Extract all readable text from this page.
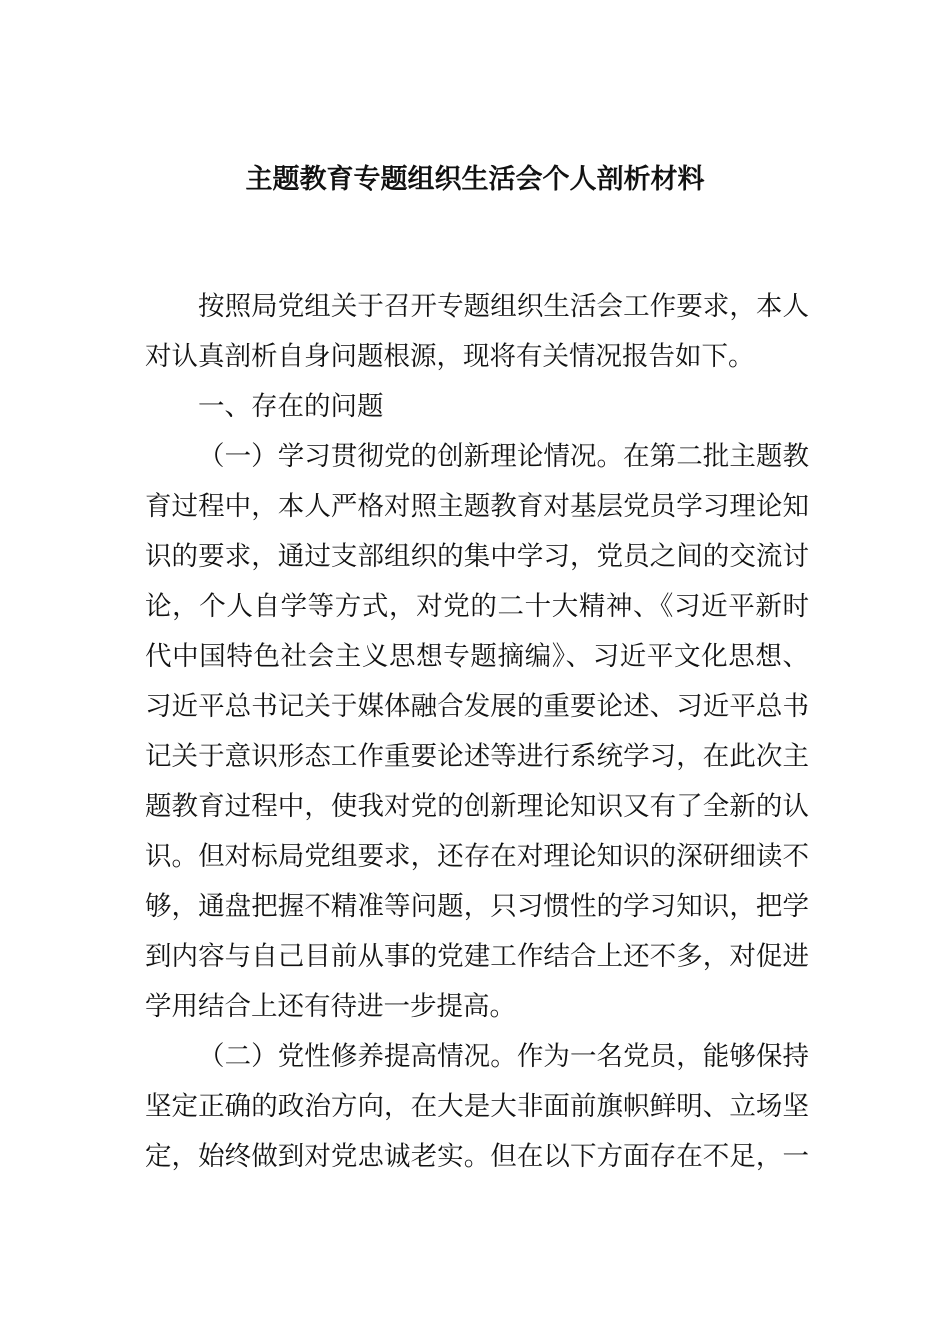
主题教育专题组织生活会个人剖析材料
按照局党组关于召开专题组织生活会工作要求，本人
对认真剖析自身问题根源，现将有关情况报告如下。
一、存在的问题
（一）学习贯彻党的创新理论情况。在第二批主题教
育过程中，本人严格对照主题教育对基层党员学习理论知
识的要求，通过支部组织的集中学习，党员之间的交流讨
论，个人自学等方式，对党的二十大精神、《习近平新时
代中国特色社会主义思想专题摘编》、习近平文化思想、
习近平总书记关于媒体融合发展的重要论述、习近平总书
记关于意识形态工作重要论述等进行系统学习，在此次主
题教育过程中，使我对党的创新理论知识又有了全新的认
识。但对标局党组要求，还存在对理论知识的深研细读不
够，通盘把握不精准等问题，只习惯性的学习知识，把学
到内容与自己目前从事的党建工作结合上还不多，对促进
学用结合上还有待进一步提高。
（二）党性修养提高情况。作为一名党员，能够保持
坚定正确的政治方向，在大是大非面前旗帜鲜明、立场坚
定，始终做到对党忠诚老实。但在以下方面存在不足，一
